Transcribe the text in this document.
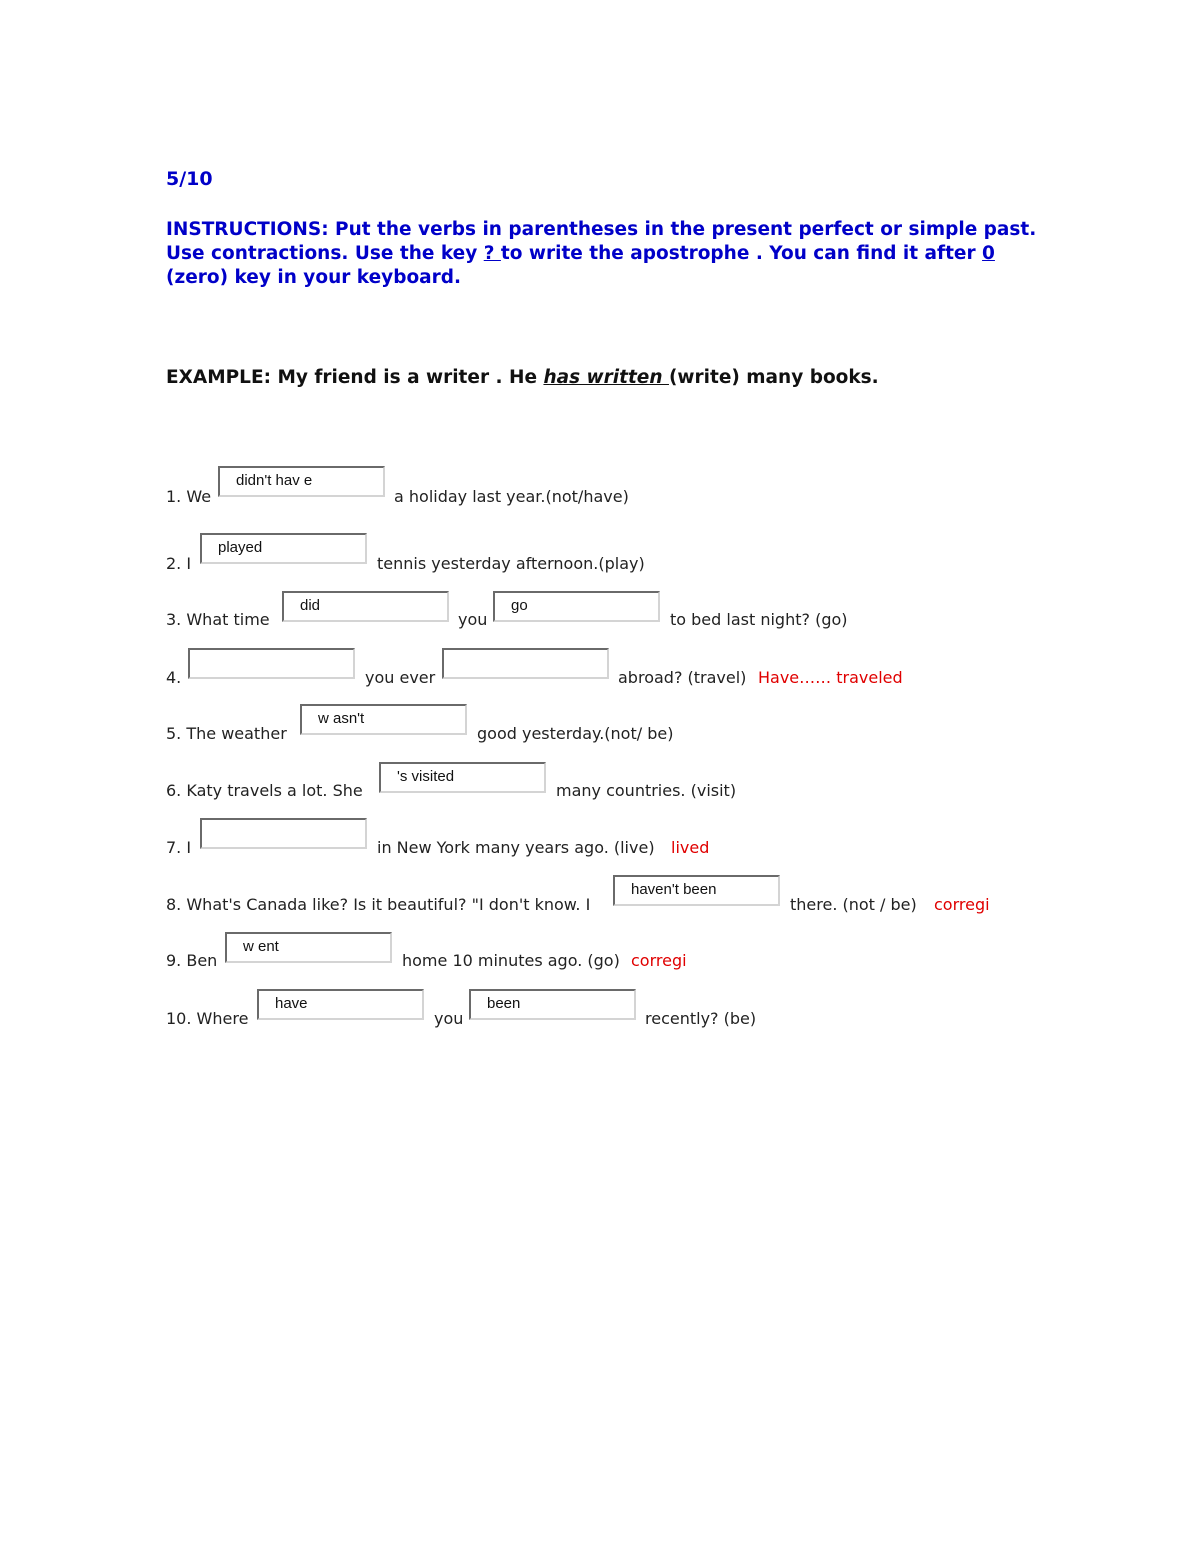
5/10
INSTRUCTIONS: Put the verbs in parentheses in the present perfect or simple past. Use contractions. Use the key ? to write the apostrophe . You can find it after 0 (zero) key in your keyboard.
EXAMPLE: My friend is a writer . He has written (write) many books.
1. We
didn't hav e
a holiday last year.(not/have)
2. I
played
tennis yesterday afternoon.(play)
3. What time
did
you
go
to bed last night? (go)
4.	you ever	abroad? (travel) Have…… traveled
5. The weather
w asn't
good yesterday.(not/ be)
6. Katy travels a lot. She
's visited
many countries. (visit)
7. I	in New York many years ago. (live) lived
8. What's Canada like? Is it beautiful? "I don't know. I
haven't been
there. (not / be) corregi
9. Ben
w ent
home 10 minutes ago. (go) corregi
10. Where
have
you
been
recently? (be)
